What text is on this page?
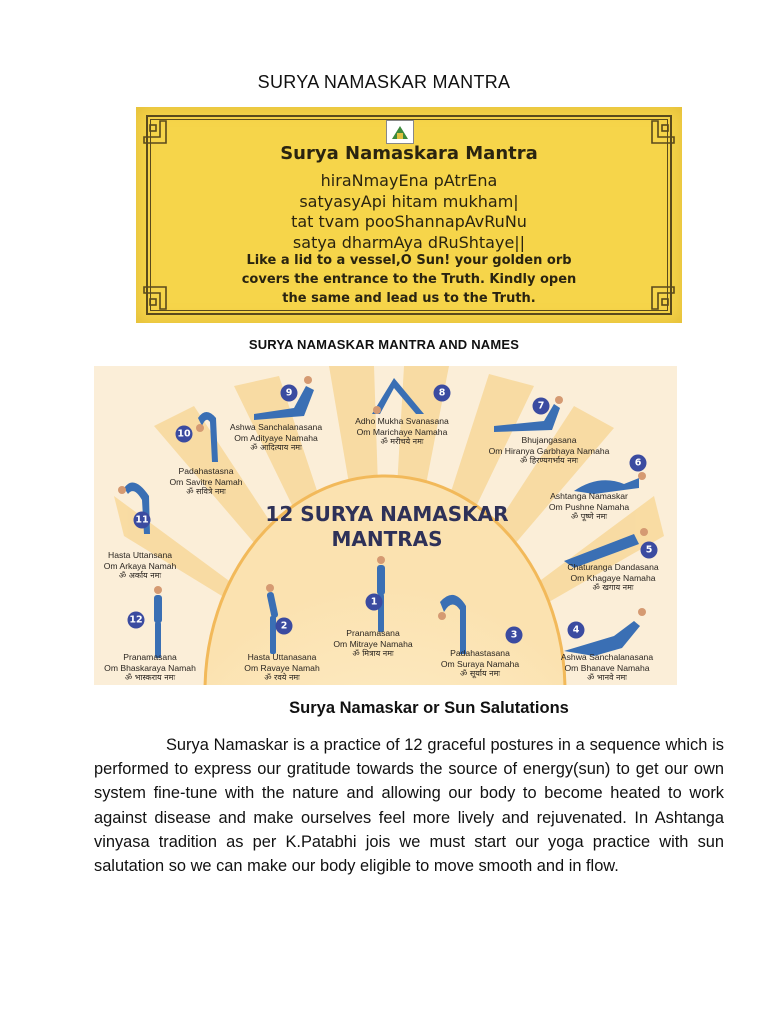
SURYA NAMASKAR MANTRA
Surya Namaskara Mantra
hiraNmayEna pAtrEna
satyasyApi hitam mukham|
tat tvam pooShannapAvRuNu
satya dharmAya dRuShtaye||
Like a lid to a vessel,O Sun! your golden orb
covers the entrance to the Truth. Kindly open
the same and lead us to the Truth.
SURYA NAMASKAR MANTRA AND NAMES
12 SURYA NAMASKAR
MANTRAS
1
2
3	4
5
6
7
8
9
10
11
12
Pranamasana
Om Mitraye Namaha
ॐ मित्राय नमः
Hasta Uttanasana
Om Ravaye Namah
ॐ रवये नमः
Padahastasana
Om Suraya Namaha
ॐ सूर्याय नमः
Ashwa Sanchalanasana
Om Bhanave Namaha
ॐ भानवे नमः
Chaturanga Dandasana
Om Khagaye Namaha
ॐ खगाय नमः
Ashtanga Namaskar
Om Pushne Namaha
ॐ पूष्णे नमः
Bhujangasana
Om Hiranya Garbhaya Namaha
ॐ हिरण्यगर्भाय नमः
Adho Mukha Svanasana
Om Marichaye Namaha
ॐ मरीचये नमः
Ashwa Sanchalanasana
Om Adityaye Namaha
ॐ आदित्याय नमः
Padahastasna
Om Savitre Namah
ॐ सवित्रे नमः
Hasta Uttansana
Om Arkaya Namah
ॐ अर्काय नमः
Pranamasana
Om Bhaskaraya Namah
ॐ भास्कराय नमः
Surya Namaskar or Sun Salutations
Surya Namaskar is a practice of 12 graceful postures in a sequence which is performed to express our gratitude towards the source of energy(sun) to get our own system fine-tune with the nature and allowing our body to become heated to work against disease and make ourselves feel more lively and rejuvenated. In Ashtanga vinyasa tradition as per K.Patabhi jois we must start our yoga practice with sun salutation so we can make our body eligible to move smooth and in flow.
